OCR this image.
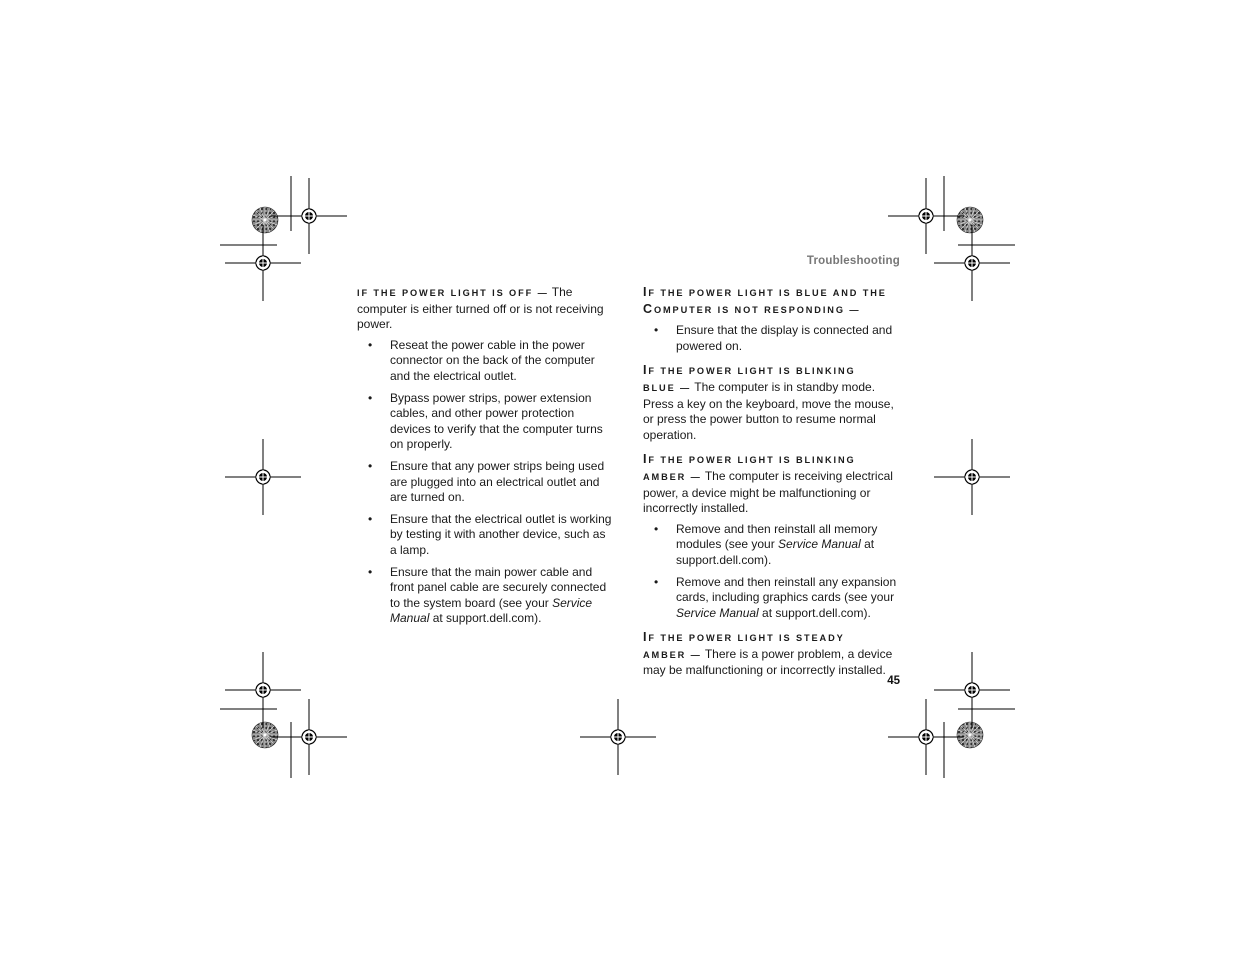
Troubleshooting
IF THE POWER LIGHT IS OFF — The computer is either turned off or is not receiving power.
• Reseat the power cable in the power connector on the back of the computer and the electrical outlet.
• Bypass power strips, power extension cables, and other power protection devices to verify that the computer turns on properly.
• Ensure that any power strips being used are plugged into an electrical outlet and are turned on.
• Ensure that the electrical outlet is working by testing it with another device, such as a lamp.
• Ensure that the main power cable and front panel cable are securely connected to the system board (see your Service Manual at support.dell.com).
IF THE POWER LIGHT IS BLUE AND THE
COMPUTER IS NOT RESPONDING —
• Ensure that the display is connected and powered on.
IF THE POWER LIGHT IS BLINKING
BLUE — The computer is in standby mode. Press a key on the keyboard, move the mouse, or press the power button to resume normal operation.
IF THE POWER LIGHT IS BLINKING
AMBER — The computer is receiving electrical power, a device might be malfunctioning or incorrectly installed.
• Remove and then reinstall all memory modules (see your Service Manual at support.dell.com).
• Remove and then reinstall any expansion cards, including graphics cards (see your Service Manual at support.dell.com).
IF THE POWER LIGHT IS STEADY
AMBER — There is a power problem, a device may be malfunctioning or incorrectly installed.
45
